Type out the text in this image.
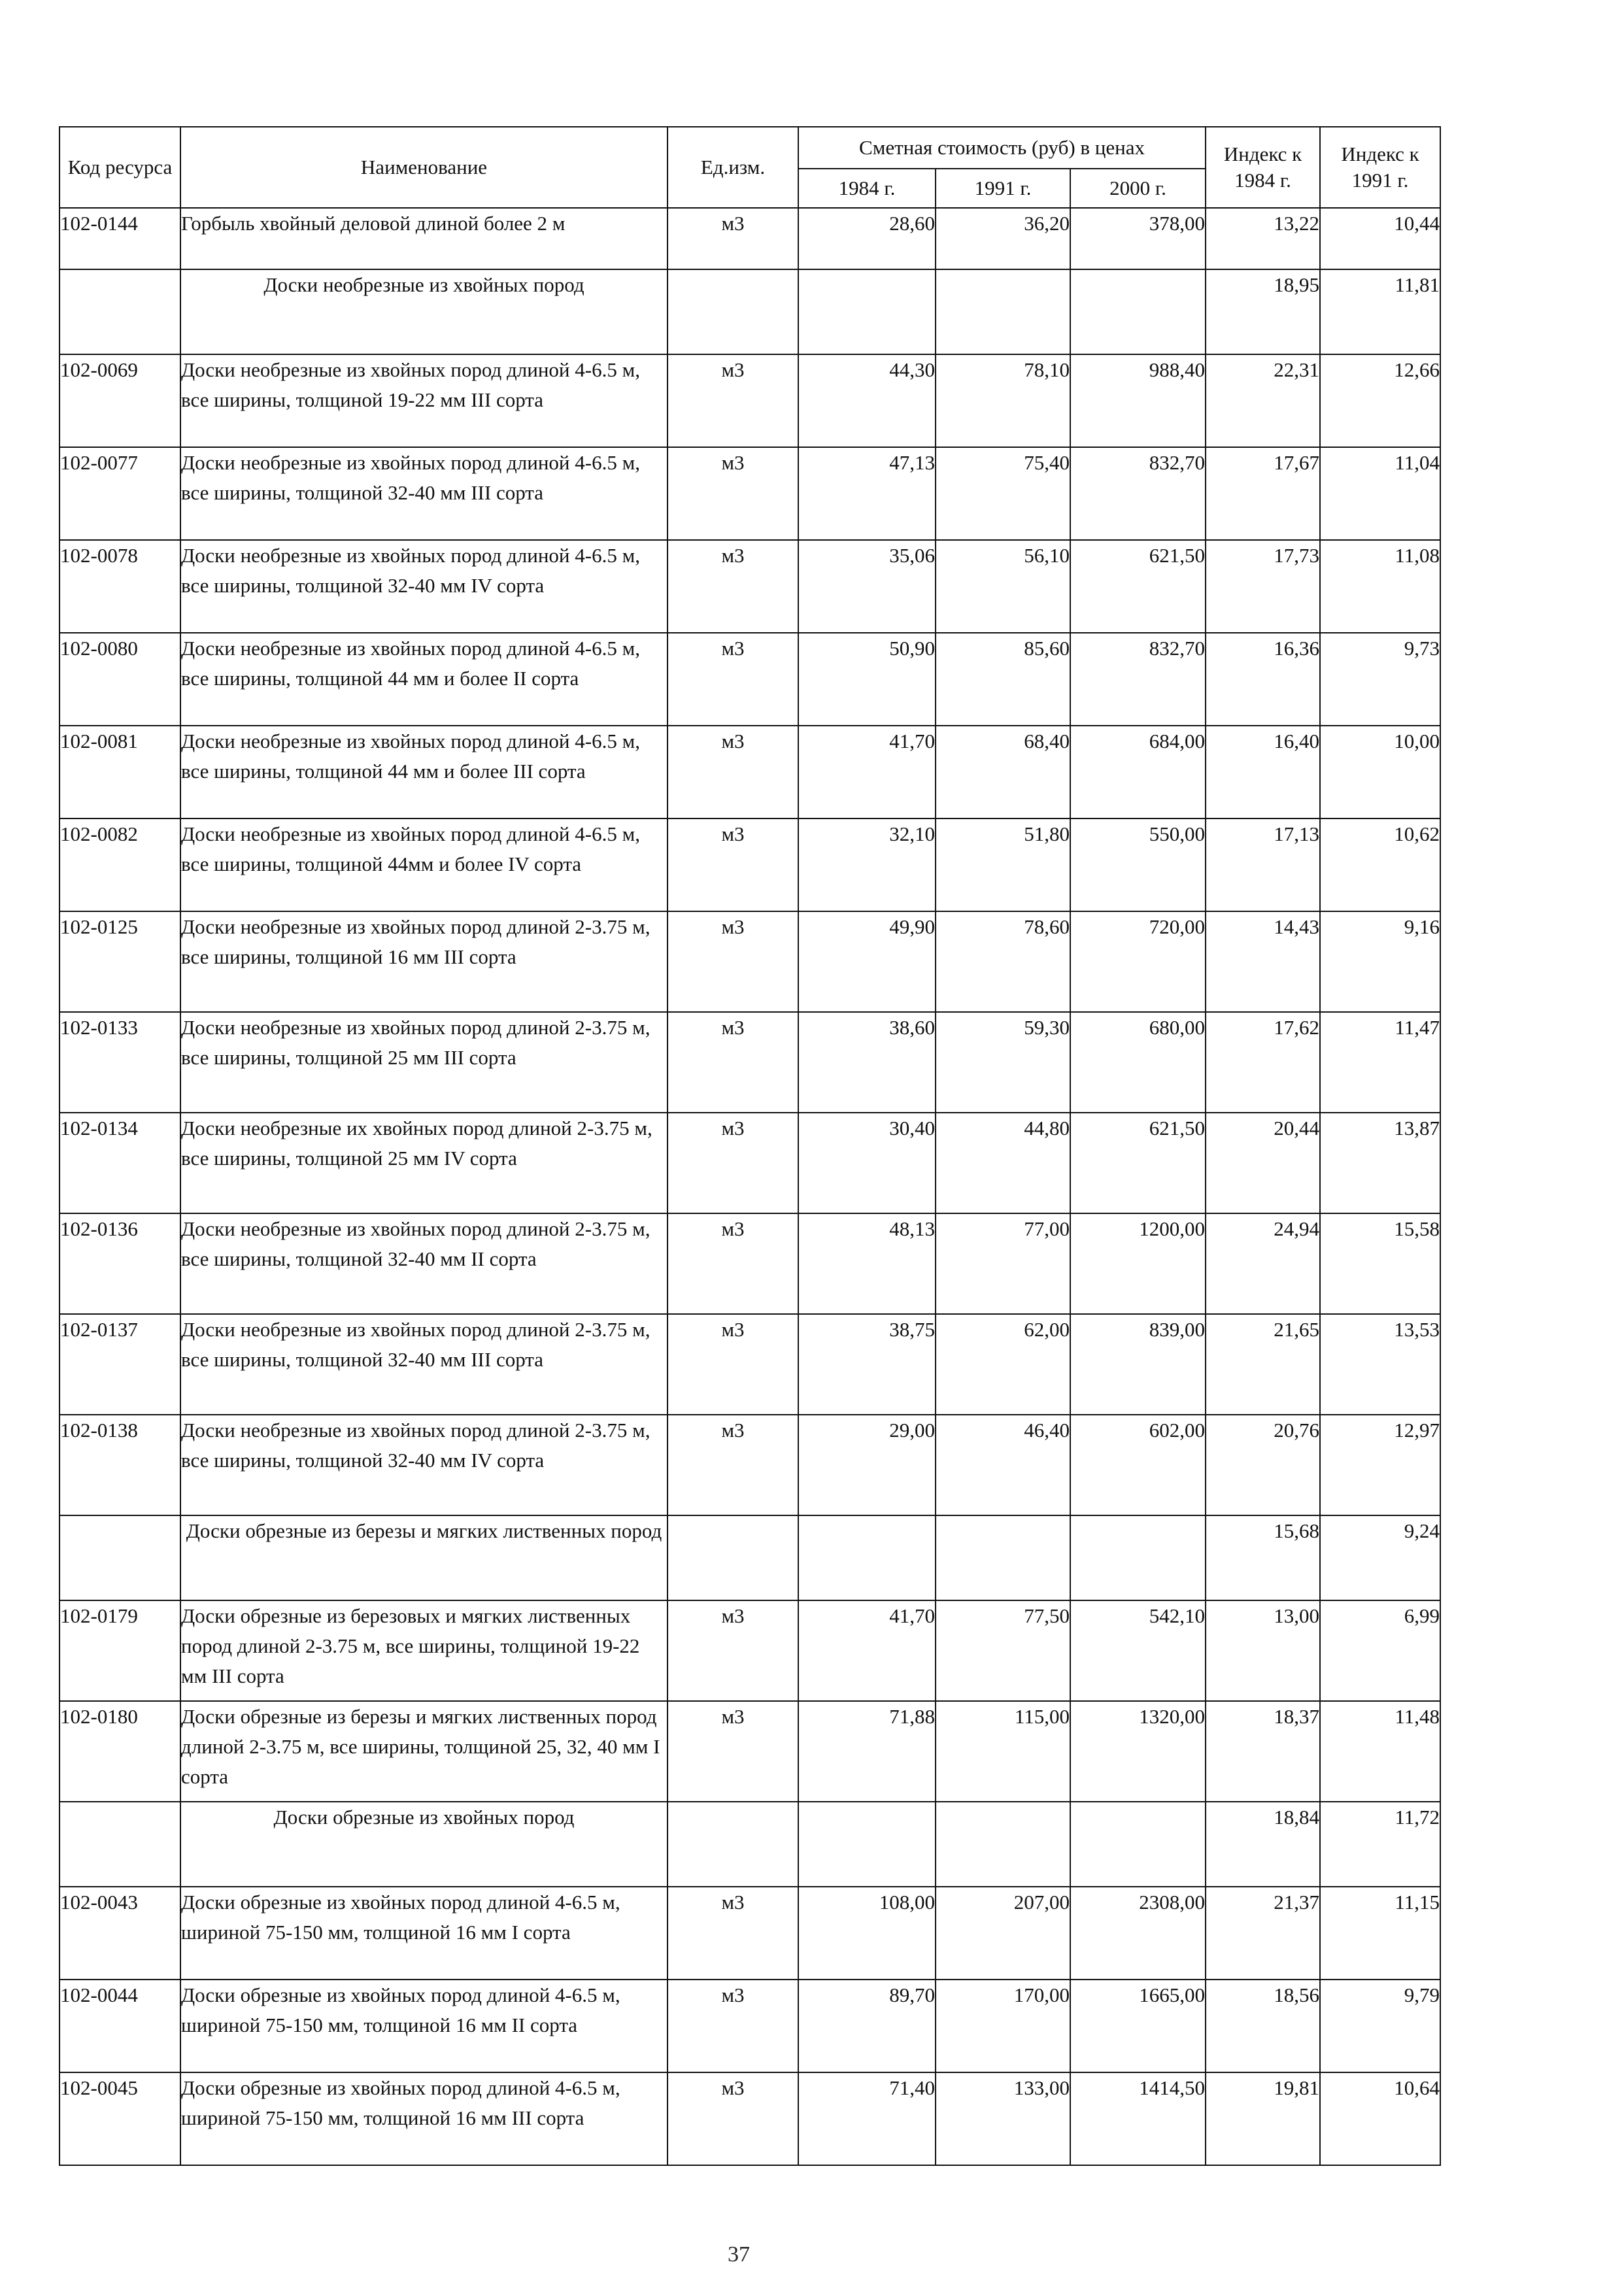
Код ресурса	Наименование	Ед.изм.	Сметная стоимость (руб) в ценах			Индекс к 1984 г.	Индекс к 1991 г.
			1984 г.	1991 г.	2000 г.		
102-0144	Горбыль хвойный деловой длиной более 2 м	м3	28,60	36,20	378,00	13,22	10,44
	Доски необрезные из хвойных пород					18,95	11,81
102-0069	Доски необрезные из хвойных пород длиной 4-6.5 м, все ширины, толщиной 19-22 мм III сорта	м3	44,30	78,10	988,40	22,31	12,66
102-0077	Доски необрезные из хвойных пород длиной 4-6.5 м, все ширины, толщиной 32-40 мм III сорта	м3	47,13	75,40	832,70	17,67	11,04
102-0078	Доски необрезные из хвойных пород длиной 4-6.5 м, все ширины, толщиной 32-40 мм IV сорта	м3	35,06	56,10	621,50	17,73	11,08
102-0080	Доски необрезные из хвойных пород длиной 4-6.5 м, все ширины, толщиной 44 мм и более II сорта	м3	50,90	85,60	832,70	16,36	9,73
102-0081	Доски необрезные из хвойных пород длиной 4-6.5 м, все ширины, толщиной 44 мм и более III сорта	м3	41,70	68,40	684,00	16,40	10,00
102-0082	Доски необрезные из хвойных пород длиной 4-6.5 м, все ширины, толщиной 44мм и более IV сорта	м3	32,10	51,80	550,00	17,13	10,62
102-0125	Доски необрезные из хвойных пород длиной 2-3.75 м, все ширины, толщиной 16 мм III сорта	м3	49,90	78,60	720,00	14,43	9,16
102-0133	Доски необрезные из хвойных пород длиной 2-3.75 м, все ширины, толщиной 25 мм III сорта	м3	38,60	59,30	680,00	17,62	11,47
102-0134	Доски необрезные их хвойных пород длиной 2-3.75 м, все ширины, толщиной 25 мм IV сорта	м3	30,40	44,80	621,50	20,44	13,87
102-0136	Доски необрезные из хвойных пород длиной 2-3.75 м, все ширины, толщиной 32-40 мм II сорта	м3	48,13	77,00	1200,00	24,94	15,58
102-0137	Доски необрезные из хвойных пород длиной 2-3.75 м, все ширины, толщиной 32-40 мм III сорта	м3	38,75	62,00	839,00	21,65	13,53
102-0138	Доски необрезные из хвойных пород длиной 2-3.75 м, все ширины, толщиной 32-40 мм IV сорта	м3	29,00	46,40	602,00	20,76	12,97
	Доски обрезные из березы и мягких лиственных пород					15,68	9,24
102-0179	Доски обрезные из березовых и мягких лиственных пород длиной 2-3.75 м, все ширины, толщиной 19-22 мм III сорта	м3	41,70	77,50	542,10	13,00	6,99
102-0180	Доски обрезные из березы и мягких лиственных пород длиной 2-3.75 м, все ширины, толщиной 25, 32, 40 мм I сорта	м3	71,88	115,00	1320,00	18,37	11,48
	Доски обрезные из хвойных пород					18,84	11,72
102-0043	Доски обрезные из хвойных пород длиной 4-6.5 м, шириной 75-150 мм, толщиной 16 мм I сорта	м3	108,00	207,00	2308,00	21,37	11,15
102-0044	Доски обрезные из хвойных пород длиной 4-6.5 м, шириной 75-150 мм, толщиной 16 мм II сорта	м3	89,70	170,00	1665,00	18,56	9,79
102-0045	Доски обрезные из хвойных пород длиной 4-6.5 м, шириной 75-150 мм, толщиной 16 мм III сорта	м3	71,40	133,00	1414,50	19,81	10,64
37
